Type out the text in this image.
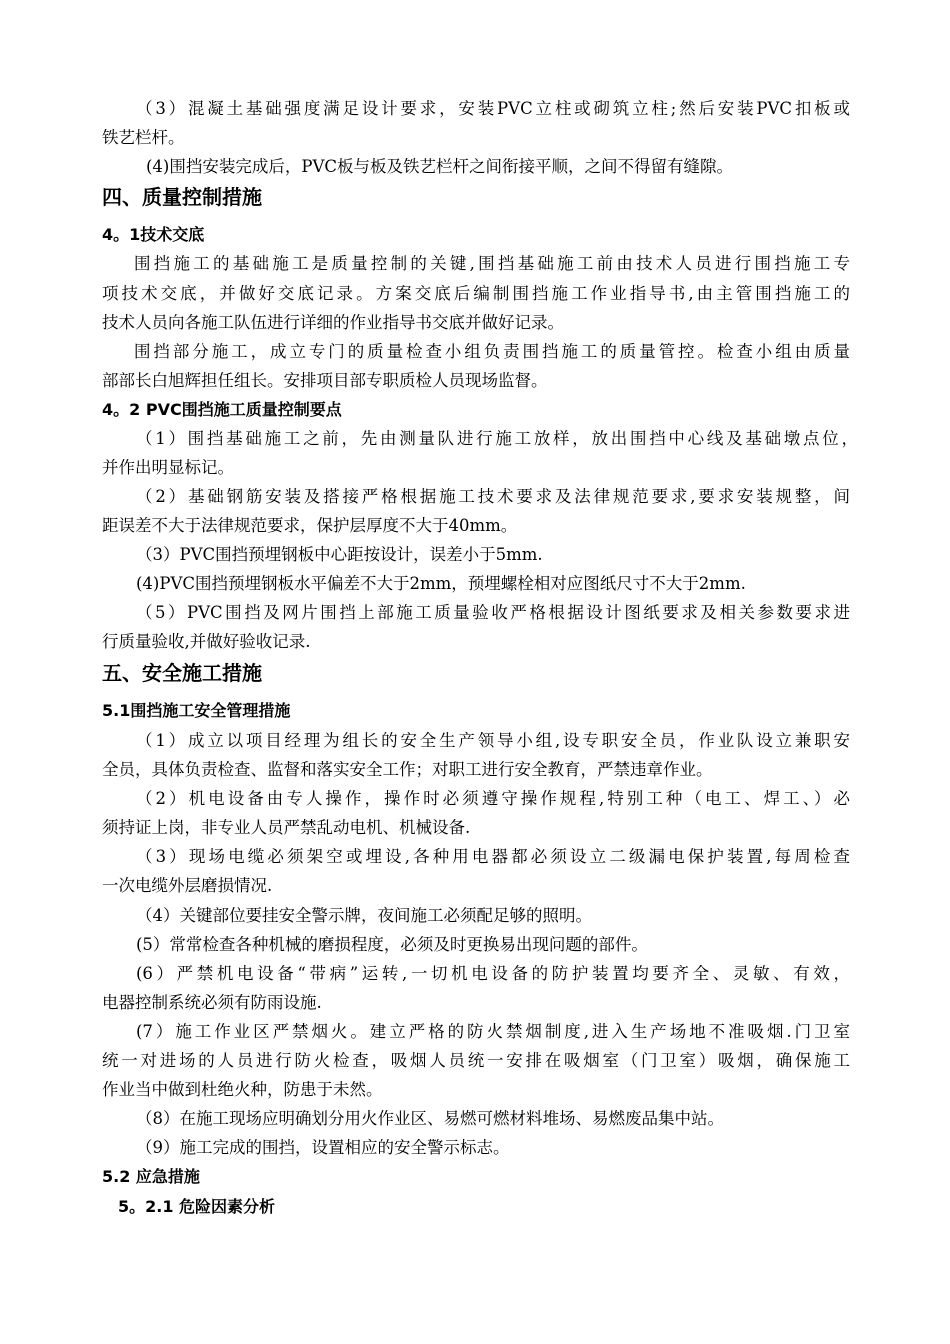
（3）混凝土基础强度满足设计要求，安装PVC立柱或砌筑立柱;然后安装PVC扣板或
铁艺栏杆。
(4)围挡安装完成后，PVC板与板及铁艺栏杆之间衔接平顺，之间不得留有缝隙。
四、质量控制措施
4。1技术交底
围挡施工的基础施工是质量控制的关键,围挡基础施工前由技术人员进行围挡施工专
项技术交底，并做好交底记录。方案交底后编制围挡施工作业指导书,由主管围挡施工的
技术人员向各施工队伍进行详细的作业指导书交底并做好记录。
围挡部分施工，成立专门的质量检查小组负责围挡施工的质量管控。检查小组由质量
部部长白旭辉担任组长。安排项目部专职质检人员现场监督。
4。2 PVC围挡施工质量控制要点
（1）围挡基础施工之前，先由测量队进行施工放样，放出围挡中心线及基础墩点位，
并作出明显标记。
（2）基础钢筋安装及搭接严格根据施工技术要求及法律规范要求,要求安装规整，间
距误差不大于法律规范要求，保护层厚度不大于40mm。
（3）PVC围挡预埋钢板中心距按设计，误差小于5mm.
(4)PVC围挡预埋钢板水平偏差不大于2mm，预埋螺栓相对应图纸尺寸不大于2mm.
（5）PVC围挡及网片围挡上部施工质量验收严格根据设计图纸要求及相关参数要求进
行质量验收,并做好验收记录.
五、安全施工措施
5.1围挡施工安全管理措施
（1）成立以项目经理为组长的安全生产领导小组,设专职安全员，作业队设立兼职安
全员，具体负责检查、监督和落实安全工作；对职工进行安全教育，严禁违章作业。
（2）机电设备由专人操作，操作时必须遵守操作规程,特别工种（电工、焊工、）必
须持证上岗，非专业人员严禁乱动电机、机械设备.
（3）现场电缆必须架空或埋设,各种用电器都必须设立二级漏电保护装置,每周检查
一次电缆外层磨损情况.
（4）关键部位要挂安全警示牌，夜间施工必须配足够的照明。
(5）常常检查各种机械的磨损程度，必须及时更换易出现问题的部件。
(6）严禁机电设备“带病”运转,一切机电设备的防护装置均要齐全、灵敏、有效，
电器控制系统必须有防雨设施.
(7）施工作业区严禁烟火。建立严格的防火禁烟制度,进入生产场地不准吸烟.门卫室
统一对进场的人员进行防火检查，吸烟人员统一安排在吸烟室（门卫室）吸烟，确保施工
作业当中做到杜绝火种，防患于未然。
（8）在施工现场应明确划分用火作业区、易燃可燃材料堆场、易燃废品集中站。
（9）施工完成的围挡，设置相应的安全警示标志。
5.2 应急措施
5。2.1 危险因素分析
